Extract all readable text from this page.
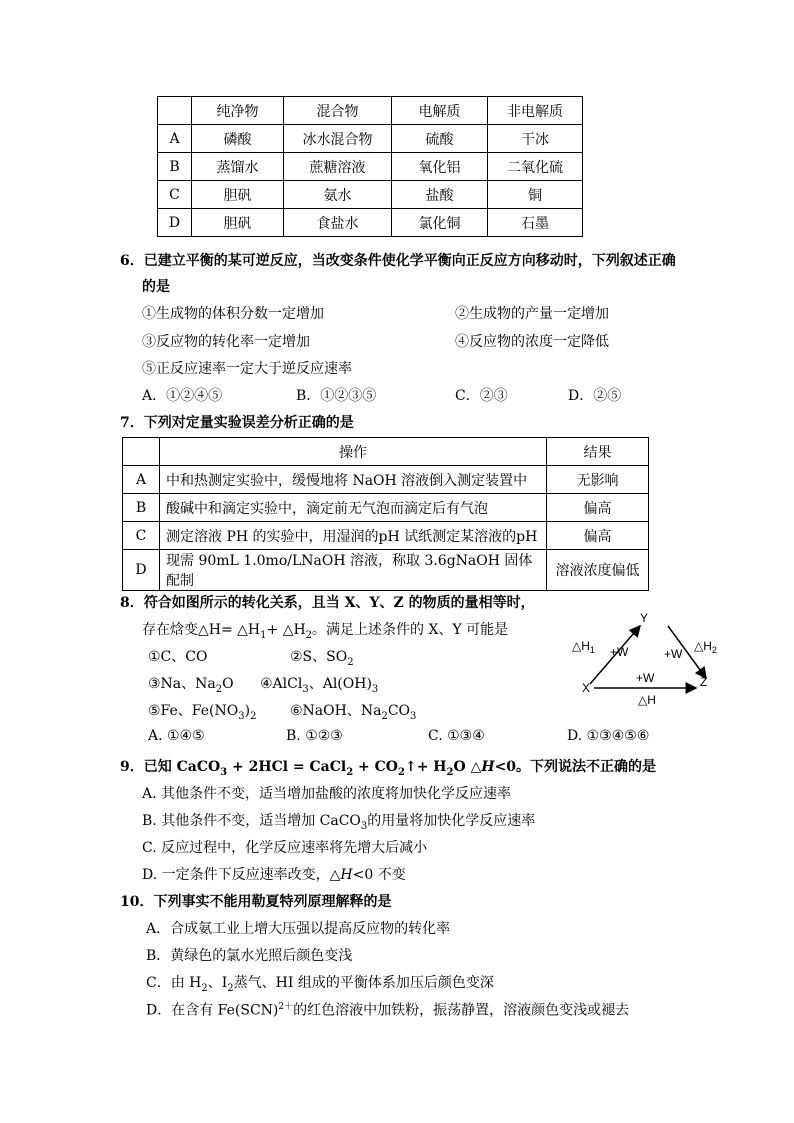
	纯净物	混合物	电解质	非电解质
A	磷酸	冰水混合物	硫酸	干冰
B	蒸馏水	蔗糖溶液	氧化铝	二氧化硫
C	胆矾	氨水	盐酸	铜
D	胆矾	食盐水	氯化铜	石墨
6．已建立平衡的某可逆反应，当改变条件使化学平衡向正反应方向移动时，下列叙述正确
的是
①生成物的体积分数一定增加	②生成物的产量一定增加
③反应物的转化率一定增加	④反应物的浓度一定降低
⑤正反应速率一定大于逆反应速率
A．①②④⑤	B．①②③⑤	C．②③	D．②⑤
7．下列对定量实验误差分析正确的是
	操作	结果
A	中和热测定实验中，缓慢地将 NaOH 溶液倒入测定装置中	无影响
B	酸碱中和滴定实验中，滴定前无气泡而滴定后有气泡	偏高
C	测定溶液 PH 的实验中，用湿润的pH 试纸测定某溶液的pH	偏高
D	现需 90mL 1.0mo/LNaOH 溶液，称取 3.6gNaOH 固体配制	溶液浓度偏低
8．符合如图所示的转化关系，且当 X、Y、Z 的物质的量相等时，
存在焓变△H= $\triangle H_1+$ $\triangle H_2$。满足上述条件的 X、Y 可能是
①C、CO	②S、$SO_2$
③Na、$Na_2O$ ④AlCl$_3$、$Al(OH)_3$
⑤Fe、$Fe(NO_3)_2$ ⑥NaOH、$Na_2CO_3$
A. ①④⑤	B. ①②③	C. ①③④	D. ①③④⑤⑥
Y
X	Z
$\triangle H_1 +W$	+W
$\triangle H_2$
+W
△H
9．已知 CaCO$_3$ + 2HCl = CaCl$_2$ + $CO_2↑+ H_2O$ △H<0。下列说法不正确的是
A. 其他条件不变，适当增加盐酸的浓度将加快化学反应速率
B. 其他条件不变，适当增加 CaCO$_3$的用量将加快化学反应速率
C. 反应过程中，化学反应速率将先增大后减小
D. 一定条件下反应速率改变，△H<0 不变
10．下列事实不能用勒夏特列原理解释的是
A．合成氨工业上增大压强以提高反应物的转化率
B．黄绿色的氯水光照后颜色变浅
C．由 $H_2$、$I_2$蒸气、HI 组成的平衡体系加压后颜色变深
D．在含有 Fe(SCN)$^{2+}$的红色溶液中加铁粉，振荡静置，溶液颜色变浅或褪去
